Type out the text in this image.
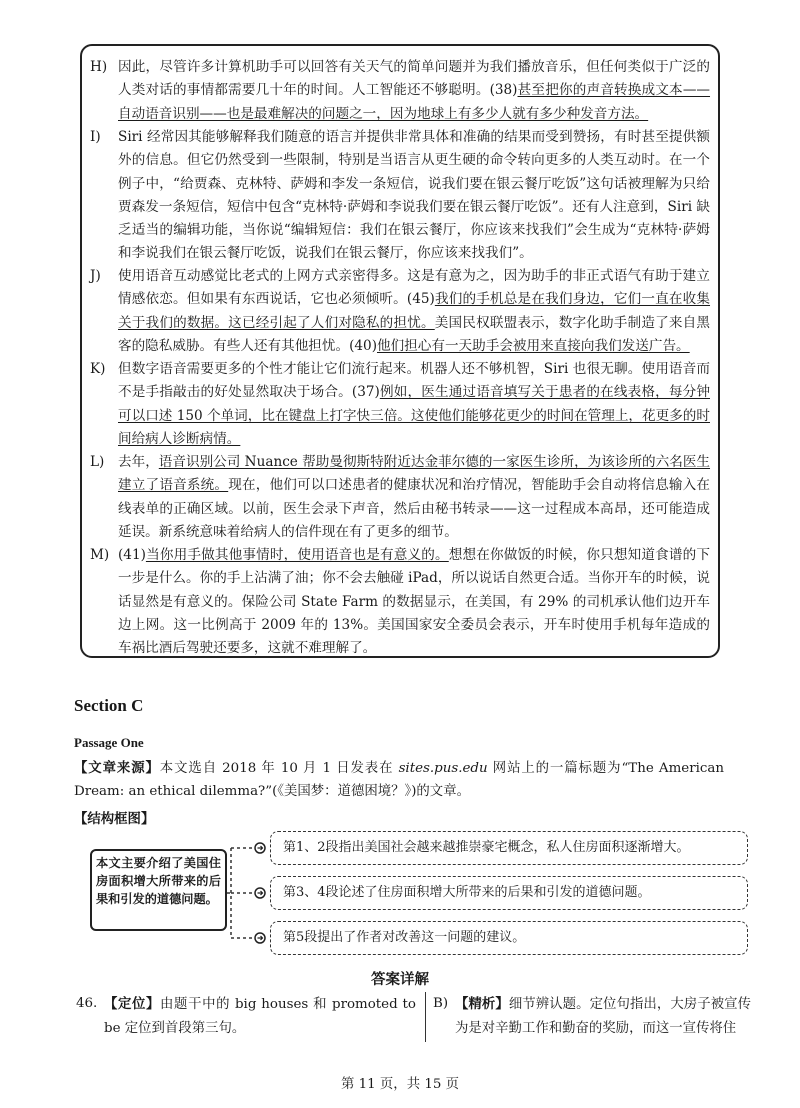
H) 因此，尽管许多计算机助手可以回答有关天气的简单问题并为我们播放音乐，但任何类似于广泛的人类对话的事情都需要几十年的时间。人工智能还不够聪明。(38)甚至把你的声音转换成文本——自动语音识别——也是最难解决的问题之一，因为地球上有多少人就有多少种发音方法。
I) Siri 经常因其能够解释我们随意的语言并提供非常具体和准确的结果而受到赞扬，有时甚至提供额外的信息。但它仍然受到一些限制，特别是当语言从更生硬的命令转向更多的人类互动时。在一个例子中，“给贾森、克林特、萨姆和李发一条短信，说我们要在银云餐厅吃饭”这句话被理解为只给贾森发一条短信，短信中包含“克林特·萨姆和李说我们要在银云餐厅吃饭”。还有人注意到，Siri 缺乏适当的编辑功能，当你说“编辑短信：我们在银云餐厅，你应该来找我们”会生成为“克林特·萨姆和李说我们在银云餐厅吃饭，说我们在银云餐厅，你应该来找我们”。
J) 使用语音互动感觉比老式的上网方式亲密得多。这是有意为之，因为助手的非正式语气有助于建立情感依恋。但如果有东西说话，它也必须倾听。(45)我们的手机总是在我们身边，它们一直在收集关于我们的数据。这已经引起了人们对隐私的担忧。美国民权联盟表示，数字化助手制造了来自黑客的隐私威胁。有些人还有其他担忧。(40)他们担心有一天助手会被用来直接向我们发送广告。
K) 但数字语音需要更多的个性才能让它们流行起来。机器人还不够机智，Siri 也很无聊。使用语音而不是手指敲击的好处显然取决于场合。(37)例如，医生通过语音填写关于患者的在线表格，每分钟可以口述 150 个单词，比在键盘上打字快三倍。这使他们能够花更少的时间在管理上，花更多的时间给病人诊断病情。
L) 去年，语音识别公司 Nuance 帮助曼彻斯特附近达金菲尔德的一家医生诊所，为该诊所的六名医生建立了语音系统。现在，他们可以口述患者的健康状况和治疗情况，智能助手会自动将信息输入在线表单的正确区域。以前，医生会录下声音，然后由秘书转录——这一过程成本高昂，还可能造成延误。新系统意味着给病人的信件现在有了更多的细节。
M) (41)当你用手做其他事情时，使用语音也是有意义的。想想在你做饭的时候，你只想知道食谱的下一步是什么。你的手上沾满了油；你不会去触碰 iPad，所以说话自然更合适。当你开车的时候，说话显然是有意义的。保险公司 State Farm 的数据显示，在美国，有 29% 的司机承认他们边开车边上网。这一比例高于 2009 年的 13%。美国国家安全委员会表示，开车时使用手机每年造成的车祸比酒后驾驶还要多，这就不难理解了。
Section C
Passage One
【文章来源】本文选自 2018 年 10 月 1 日发表在 sites.pus.edu 网站上的一篇标题为“The American Dream: an ethical dilemma?”(《美国梦：道德困境？》)的文章。
【结构框图】
本文主要介绍了美国住房面积增大所带来的后果和引发的道德问题。
第1、2段指出美国社会越来越推崇豪宅概念，私人住房面积逐渐增大。
第3、4段论述了住房面积增大所带来的后果和引发的道德问题。
第5段提出了作者对改善这一问题的建议。
答案详解
46. 【定位】由题干中的 big houses 和 promoted to be 定位到首段第三句。
B) 【精析】细节辨认题。定位句指出，大房子被宣传为是对辛勤工作和勤奋的奖励，而这一宣传将住
第 11 页，共 15 页
